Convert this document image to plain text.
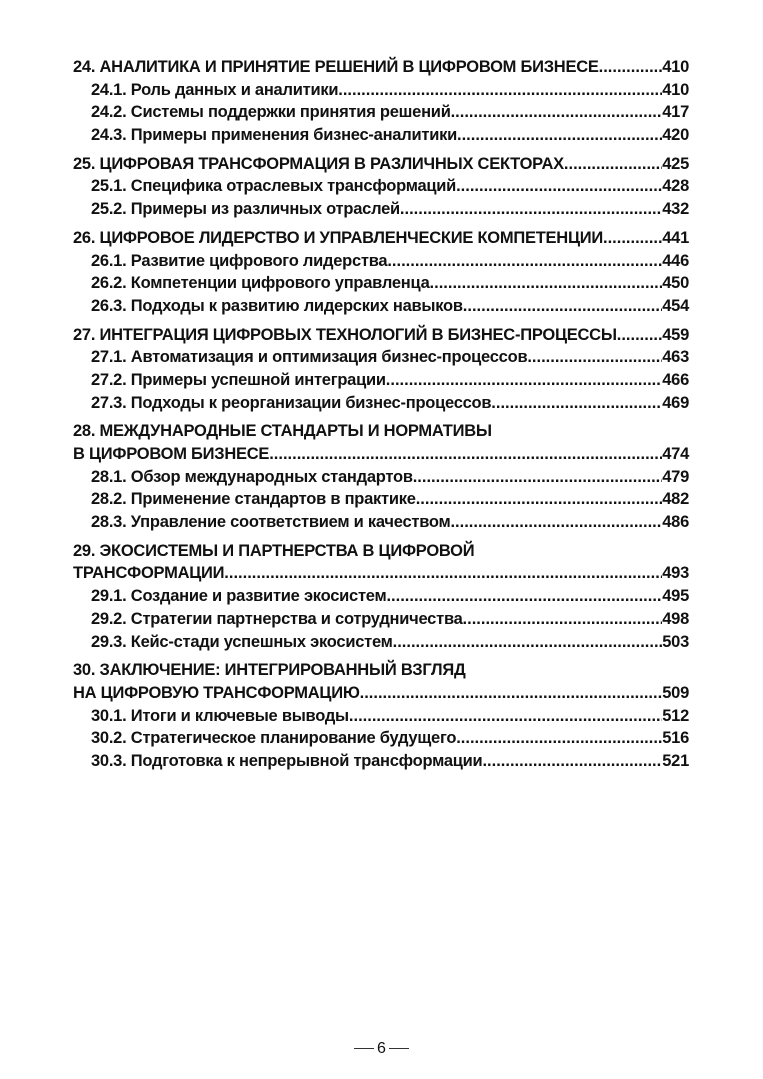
24. АНАЛИТИКА И ПРИНЯТИЕ РЕШЕНИЙ В ЦИФРОВОМ БИЗНЕСЕ .....	410
24.1. Роль данных и аналитики .....	410
24.2. Системы поддержки принятия решений .....	417
24.3. Примеры применения бизнес-аналитики .....	420
25. ЦИФРОВАЯ ТРАНСФОРМАЦИЯ В РАЗЛИЧНЫХ СЕКТОРАХ .....	425
25.1. Специфика отраслевых трансформаций .....	428
25.2. Примеры из различных отраслей .....	432
26. ЦИФРОВОЕ ЛИДЕРСТВО И УПРАВЛЕНЧЕСКИЕ КОМПЕТЕНЦИИ .....	441
26.1. Развитие цифрового лидерства .....	446
26.2. Компетенции цифрового управленца .....	450
26.3. Подходы к развитию лидерских навыков .....	454
27. ИНТЕГРАЦИЯ ЦИФРОВЫХ ТЕХНОЛОГИЙ В БИЗНЕС-ПРОЦЕССЫ .....	459
27.1. Автоматизация и оптимизация бизнес-процессов .....	463
27.2. Примеры успешной интеграции .....	466
27.3. Подходы к реорганизации бизнес-процессов .....	469
28. МЕЖДУНАРОДНЫЕ СТАНДАРТЫ И НОРМАТИВЫ
В ЦИФРОВОМ БИЗНЕСЕ .....	474
28.1. Обзор международных стандартов .....	479
28.2. Применение стандартов в практике .....	482
28.3. Управление соответствием и качеством .....	486
29. ЭКОСИСТЕМЫ И ПАРТНЕРСТВА В ЦИФРОВОЙ
ТРАНСФОРМАЦИИ .....	493
29.1. Создание и развитие экосистем .....	495
29.2. Стратегии партнерства и сотрудничества .....	498
29.3. Кейс-стади успешных экосистем .....	503
30. ЗАКЛЮЧЕНИЕ: ИНТЕГРИРОВАННЫЙ ВЗГЛЯД
НА ЦИФРОВУЮ ТРАНСФОРМАЦИЮ .....	509
30.1. Итоги и ключевые выводы .....	512
30.2. Стратегическое планирование будущего .....	516
30.3. Подготовка к непрерывной трансформации .....	521
6
